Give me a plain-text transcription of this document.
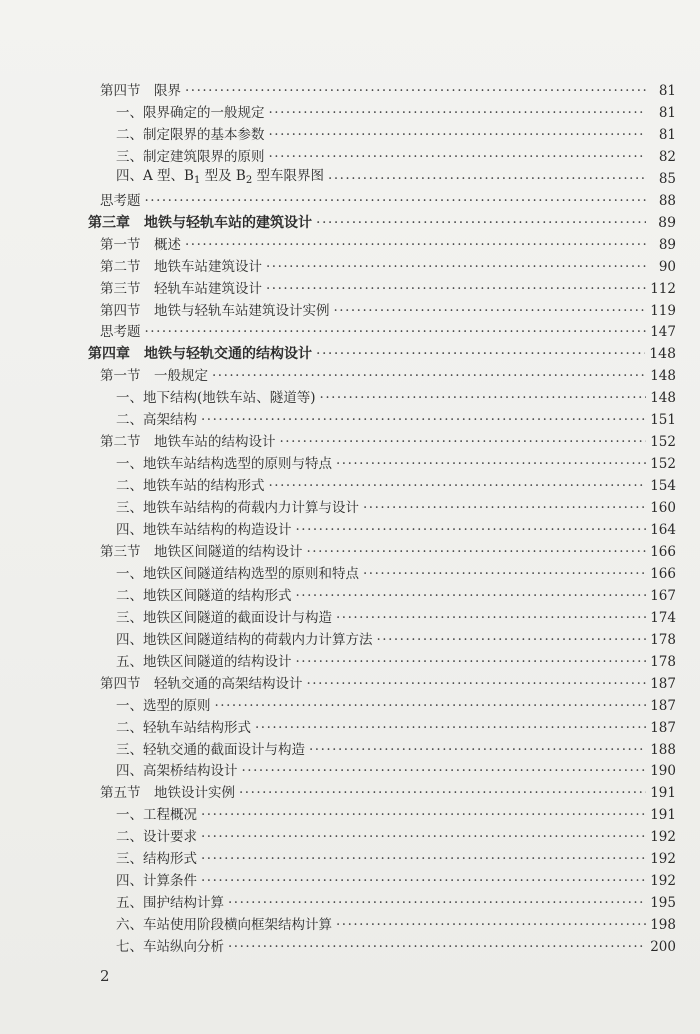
第四节　限界 ·····	81
一、限界确定的一般规定 ·····	81
二、制定限界的基本参数 ·····	81
三、制定建筑限界的原则 ·····	82
四、A 型、$B_1$ 型及 $B_2$ 型车限界图 ·····	85
思考题 ·····	88
第三章　地铁与轻轨车站的建筑设计 ·····	89
第一节　概述 ·····	89
第二节　地铁车站建筑设计 ·····	90
第三节　轻轨车站建筑设计 ·····	112
第四节　地铁与轻轨车站建筑设计实例 ·····	119
思考题 ·····	147
第四章　地铁与轻轨交通的结构设计 ·····	148
第一节　一般规定 ·····	148
一、地下结构(地铁车站、隧道等) ·····	148
二、高架结构 ·····	151
第二节　地铁车站的结构设计 ·····	152
一、地铁车站结构选型的原则与特点 ·····	152
二、地铁车站的结构形式 ·····	154
三、地铁车站结构的荷载内力计算与设计 ·····	160
四、地铁车站结构的构造设计 ·····	164
第三节　地铁区间隧道的结构设计 ·····	166
一、地铁区间隧道结构选型的原则和特点 ·····	166
二、地铁区间隧道的结构形式 ·····	167
三、地铁区间隧道的截面设计与构造 ·····	174
四、地铁区间隧道结构的荷载内力计算方法 ·····	178
五、地铁区间隧道的结构设计 ·····	178
第四节　轻轨交通的高架结构设计 ·····	187
一、选型的原则 ·····	187
二、轻轨车站结构形式 ·····	187
三、轻轨交通的截面设计与构造 ·····	188
四、高架桥结构设计 ·····	190
第五节　地铁设计实例 ·····	191
一、工程概况 ·····	191
二、设计要求 ·····	192
三、结构形式 ·····	192
四、计算条件 ·····	192
五、围护结构计算 ·····	195
六、车站使用阶段横向框架结构计算 ·····	198
七、车站纵向分析 ·····	200
2
